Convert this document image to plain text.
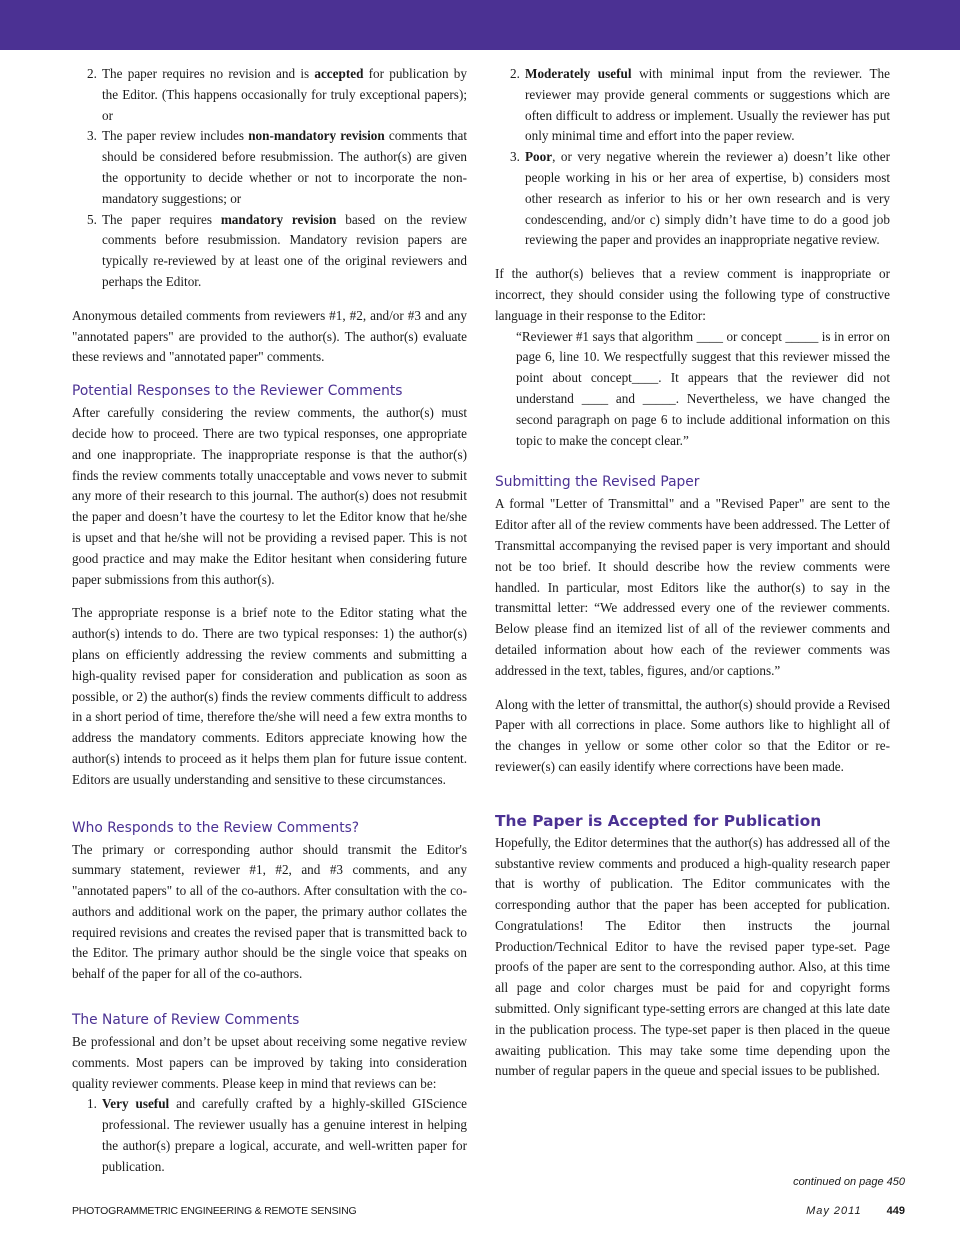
2. The paper requires no revision and is accepted for publication by the Editor. (This happens occasionally for truly exceptional papers); or
3. The paper review includes non-mandatory revision comments that should be considered before resubmission. The author(s) are given the opportunity to decide whether or not to incorporate the non-mandatory suggestions; or
5. The paper requires mandatory revision based on the review comments before resubmission. Mandatory revision papers are typically re-reviewed by at least one of the original reviewers and perhaps the Editor.

Anonymous detailed comments from reviewers #1, #2, and/or #3 and any "annotated papers" are provided to the author(s). The author(s) evaluate these reviews and "annotated paper" comments.

Potential Responses to the Reviewer Comments

After carefully considering the review comments, the author(s) must decide how to proceed. There are two typical responses, one appropriate and one inappropriate. The inappropriate response is that the author(s) finds the review comments totally unacceptable and vows never to submit any more of their research to this journal. The author(s) does not resubmit the paper and doesn’t have the courtesy to let the Editor know that he/she is upset and that he/she will not be providing a revised paper. This is not good practice and may make the Editor hesitant when considering future paper submissions from this author(s).

The appropriate response is a brief note to the Editor stating what the author(s) intends to do. There are two typical responses: 1) the author(s) plans on efficiently addressing the review comments and submitting a high-quality revised paper for consideration and publication as soon as possible, or 2) the author(s) finds the review comments difficult to address in a short period of time, therefore the/she will need a few extra months to address the mandatory comments. Editors appreciate knowing how the author(s) intends to proceed as it helps them plan for future issue content. Editors are usually understanding and sensitive to these circumstances.

Who Responds to the Review Comments?

The primary or corresponding author should transmit the Editor's summary statement, reviewer #1, #2, and #3 comments, and any "annotated papers" to all of the co-authors. After consultation with the co-authors and additional work on the paper, the primary author collates the required revisions and creates the revised paper that is transmitted back to the Editor. The primary author should be the single voice that speaks on behalf of the paper for all of the co-authors.

The Nature of Review Comments

Be professional and don’t be upset about receiving some negative review comments. Most papers can be improved by taking into consideration quality reviewer comments. Please keep in mind that reviews can be:

1. Very useful and carefully crafted by a highly-skilled GIScience professional. The reviewer usually has a genuine interest in helping the author(s) prepare a logical, accurate, and well-written paper for publication.
2. Moderately useful with minimal input from the reviewer. The reviewer may provide general comments or suggestions which are often difficult to address or implement. Usually the reviewer has put only minimal time and effort into the paper review.
3. Poor, or very negative wherein the reviewer a) doesn’t like other people working in his or her area of expertise, b) considers most other research as inferior to his or her own research and is very condescending, and/or c) simply didn’t have time to do a good job reviewing the paper and provides an inappropriate negative review.

If the author(s) believes that a review comment is inappropriate or incorrect, they should consider using the following type of constructive language in their response to the Editor:

“Reviewer #1 says that algorithm ____ or concept _____ is in error on page 6, line 10. We respectfully suggest that this reviewer missed the point about concept____. It appears that the reviewer did not understand ____ and _____. Nevertheless, we have changed the second paragraph on page 6 to include additional information on this topic to make the concept clear.”

Submitting the Revised Paper

A formal "Letter of Transmittal" and a "Revised Paper" are sent to the Editor after all of the review comments have been addressed. The Letter of Transmittal accompanying the revised paper is very important and should not be too brief. It should describe how the review comments were handled. In particular, most Editors like the author(s) to say in the transmittal letter: “We addressed every one of the reviewer comments. Below please find an itemized list of all of the reviewer comments and detailed information about how each of the reviewer comments was addressed in the text, tables, figures, and/or captions.”

Along with the letter of transmittal, the author(s) should provide a Revised Paper with all corrections in place. Some authors like to highlight all of the changes in yellow or some other color so that the Editor or re-reviewer(s) can easily identify where corrections have been made.

The Paper is Accepted for Publication

Hopefully, the Editor determines that the author(s) has addressed all of the substantive review comments and produced a high-quality research paper that is worthy of publication. The Editor communicates with the corresponding author that the paper has been accepted for publication. Congratulations! The Editor then instructs the journal Production/Technical Editor to have the revised paper type-set. Page proofs of the paper are sent to the corresponding author. Also, at this time all page and color charges must be paid for and copyright forms submitted. Only significant type-setting errors are changed at this late date in the publication process. The type-set paper is then placed in the queue awaiting publication. This may take some time depending upon the number of regular papers in the queue and special issues to be published.

continued on page 450
PHOTOGRAMMETRIC ENGINEERING & REMOTE SENSING	May 2011 449
